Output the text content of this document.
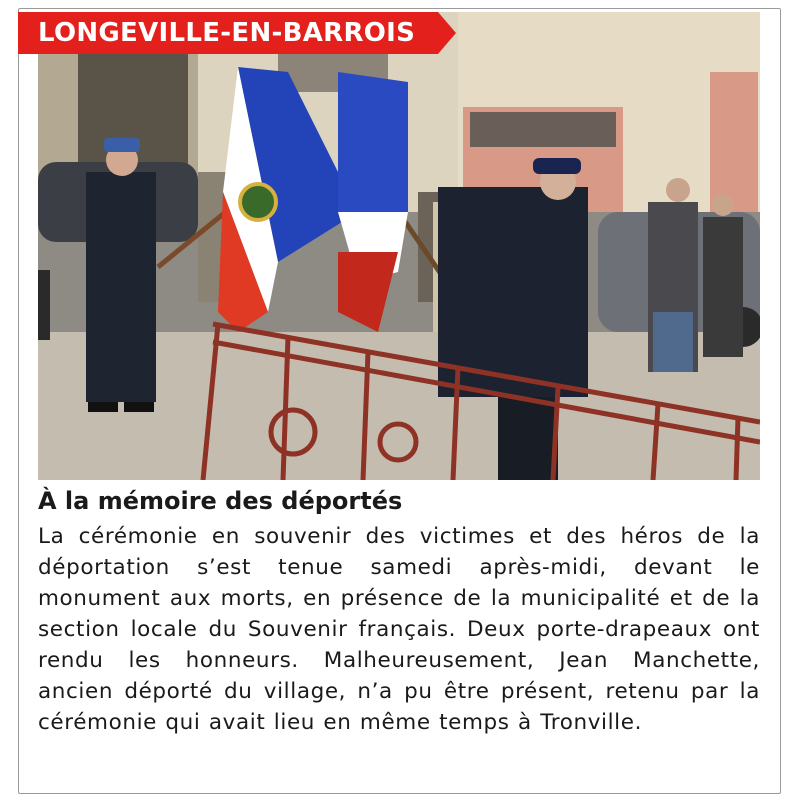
LONGEVILLE-EN-BARROIS
À la mémoire des déportés

La cérémonie en souvenir des victimes et des héros de la déportation s’est tenue samedi après-midi, devant le monument aux morts, en présence de la municipalité et de la section locale du Souvenir français. Deux porte-drapeaux ont rendu les honneurs. Malheureusement, Jean Manchette, ancien déporté du village, n’a pu être présent, retenu par la cérémonie qui avait lieu en même temps à Tronville.
